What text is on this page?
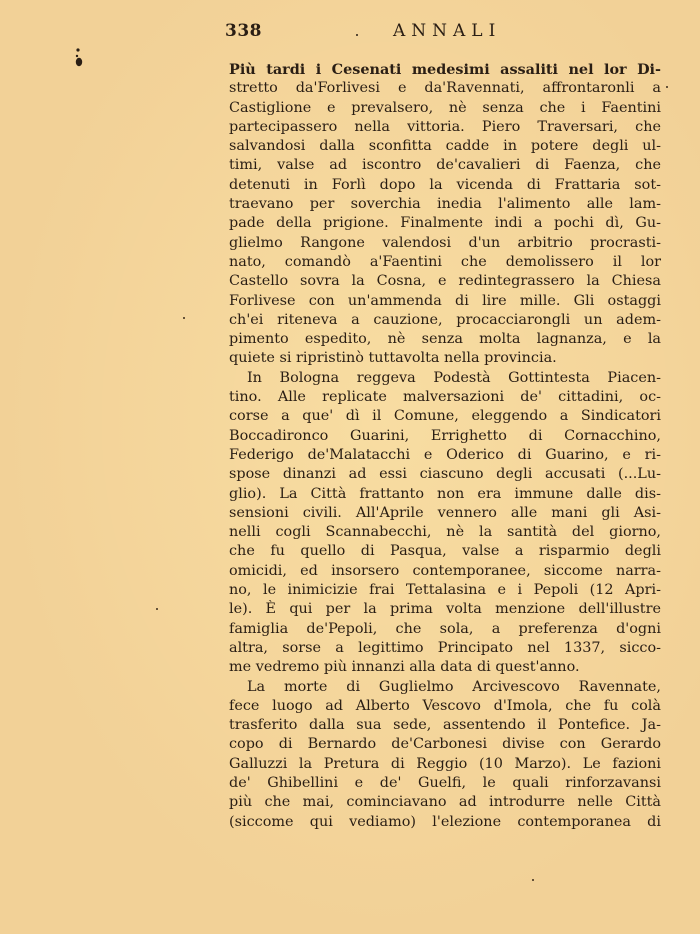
338	ANNALI
Più tardi i Cesenati medesimi assaliti nel lor Di-
stretto da'Forlivesi e da'Ravennati, affrontaronli a
Castiglione e prevalsero, nè senza che i Faentini
partecipassero nella vittoria. Piero Traversari, che
salvandosi dalla sconfitta cadde in potere degli ul-
timi, valse ad iscontro de'cavalieri di Faenza, che
detenuti in Forlì dopo la vicenda di Frattaria sot-
traevano per soverchia inedia l'alimento alle lam-
pade della prigione. Finalmente indi a pochi dì, Gu-
glielmo Rangone valendosi d'un arbitrio procrasti-
nato, comandò a'Faentini che demolissero il lor
Castello sovra la Cosna, e redintegrassero la Chiesa
Forlivese con un'ammenda di lire mille. Gli ostaggi
ch'ei riteneva a cauzione, procacciarongli un adem-
pimento espedito, nè senza molta lagnanza, e la
quiete si ripristinò tuttavolta nella provincia.
In Bologna reggeva Podestà Gottintesta Piacen-
tino. Alle replicate malversazioni de' cittadini, oc-
corse a que' dì il Comune, eleggendo a Sindicatori
Boccadironco Guarini, Errighetto di Cornacchino,
Federigo de'Malatacchi e Oderico di Guarino, e ri-
spose dinanzi ad essi ciascuno degli accusati (...Lu-
glio). La Città frattanto non era immune dalle dis-
sensioni civili. All'Aprile vennero alle mani gli Asi-
nelli cogli Scannabecchi, nè la santità del giorno,
che fu quello di Pasqua, valse a risparmio degli
omicidi, ed insorsero contemporanee, siccome narra-
no, le inimicizie frai Tettalasina e i Pepoli (12 Apri-
le). È qui per la prima volta menzione dell'illustre
famiglia de'Pepoli, che sola, a preferenza d'ogni
altra, sorse a legittimo Principato nel 1337, sicco-
me vedremo più innanzi alla data di quest'anno.
La morte di Guglielmo Arcivescovo Ravennate,
fece luogo ad Alberto Vescovo d'Imola, che fu colà
trasferito dalla sua sede, assentendo il Pontefice. Ja-
copo di Bernardo de'Carbonesi divise con Gerardo
Galluzzi la Pretura di Reggio (10 Marzo). Le fazioni
de' Ghibellini e de' Guelfi, le quali rinforzavansi
più che mai, cominciavano ad introdurre nelle Città
(siccome qui vediamo) l'elezione contemporanea di
